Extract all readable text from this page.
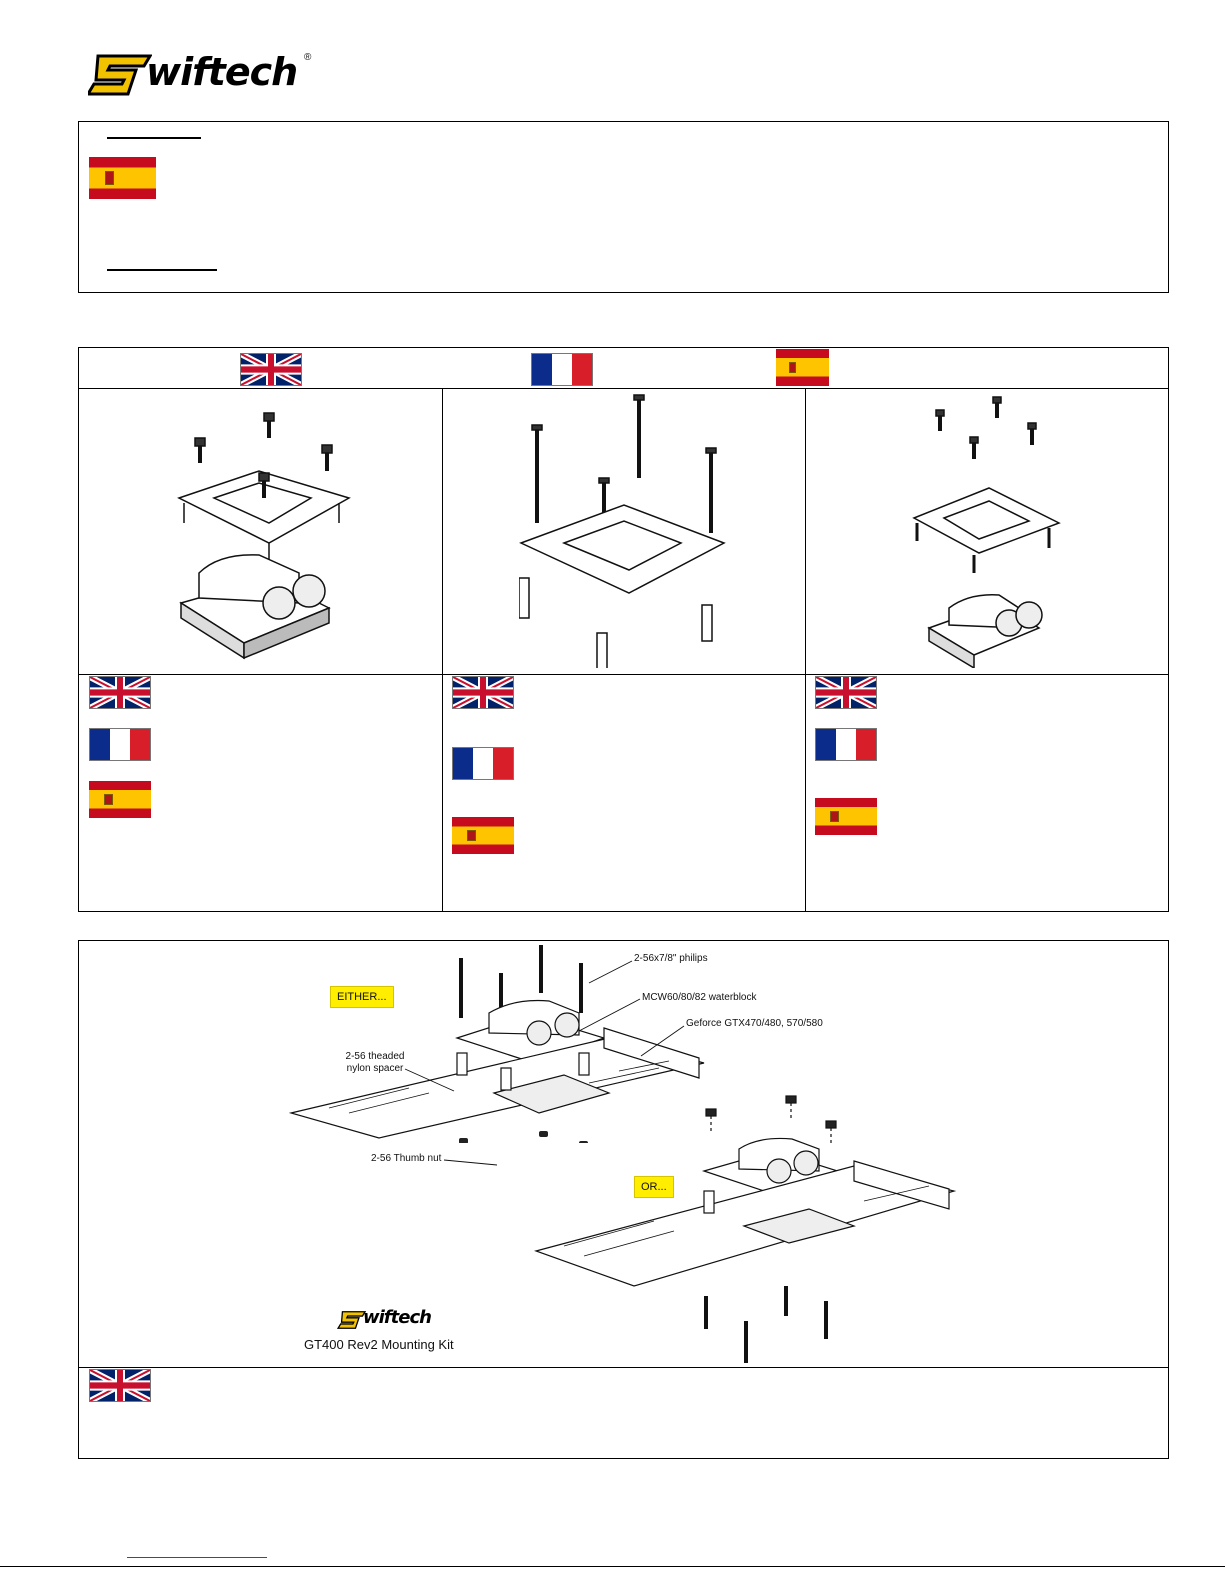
wiftech ®
2-56x7/8" philips
MCW60/80/82 waterblock
Geforce GTX470/480, 570/580
2-56 theaded
nylon spacer
2-56 Thumb nut
EITHER...
OR...
wiftech
GT400 Rev2 Mounting Kit
